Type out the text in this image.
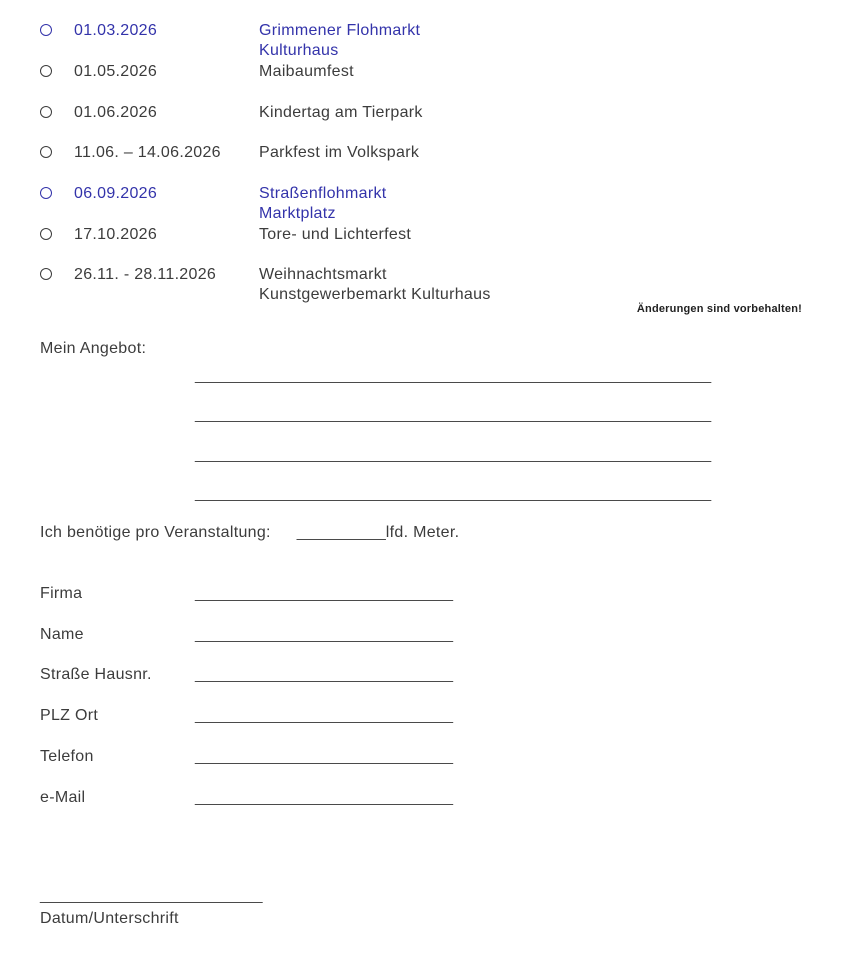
01.03.2026	Grimmener Flohmarkt
Kulturhaus
01.05.2026	Maibaumfest
01.06.2026	Kindertag am Tierpark
11.06. – 14.06.2026	Parkfest im Volkspark
06.09.2026	Straßenflohmarkt
Marktplatz
17.10.2026	Tore- und Lichterfest
26.11. - 28.11.2026	Weihnachtsmarkt
Kunstgewerbemarkt Kulturhaus
Änderungen sind vorbehalten!
Mein Angebot:
__________________________________________________________
__________________________________________________________
__________________________________________________________
__________________________________________________________
Ich benötige pro Veranstaltung: __________lfd. Meter.
Firma	_____________________________
Name	_____________________________
Straße Hausnr.	_____________________________
PLZ Ort	_____________________________
Telefon	_____________________________
e-Mail	_____________________________
_________________________
Datum/Unterschrift
